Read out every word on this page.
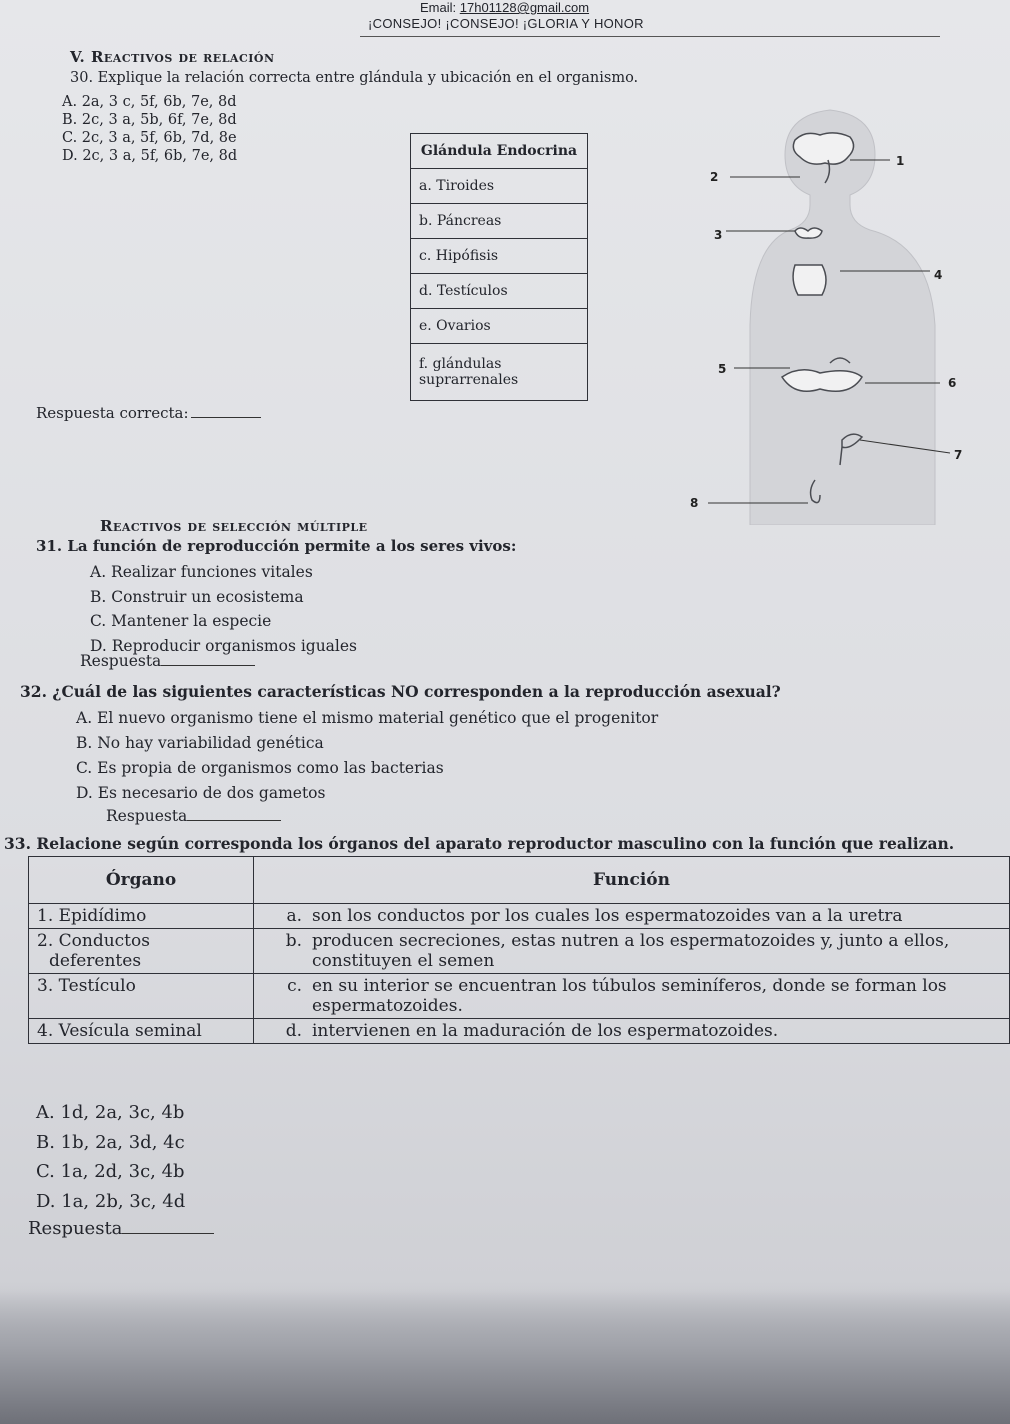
Email: 17h01128@gmail.com
¡CONSEJO! ¡CONSEJO! ¡GLORIA Y HONOR
V. Reactivos de relación
30. Explique la relación correcta entre glándula y ubicación en el organismo.
A. 2a, 3 c, 5f, 6b, 7e, 8d
B. 2c, 3 a, 5b, 6f, 7e, 8d
C. 2c, 3 a, 5f, 6b, 7d, 8e
D. 2c, 3 a, 5f, 6b, 7e, 8d	Glándula Endocrina
a. Tiroides
b. Páncreas
c. Hipófisis
d. Testículos
e. Ovarios
f. glándulas suprarrenales
Respuesta correcta:
1
2
3
4
5
6
7
8
Reactivos de selección múltiple
31. La función de reproducción permite a los seres vivos:
A. Realizar funciones vitales
B. Construir un ecosistema
C. Mantener la especie
D. Reproducir organismos iguales
Respuesta
32. ¿Cuál de las siguientes características NO corresponden a la reproducción asexual?
A. El nuevo organismo tiene el mismo material genético que el progenitor
B. No hay variabilidad genética
C. Es propia de organismos como las bacterias
D. Es necesario de dos gametos
Respuesta
33. Relacione según corresponda los órganos del aparato reproductor masculino con la función que realizan.
Órgano	Función
1. Epidídimo	a. son los conductos por los cuales los espermatozoides van a la uretra
2. Conductos deferentes	b. producen secreciones, estas nutren a los espermatozoides y, junto a ellos, constituyen el semen
3. Testículo	c. en su interior se encuentran los túbulos seminíferos, donde se forman los espermatozoides.
4. Vesícula seminal	d. intervienen en la maduración de los espermatozoides.
A. 1d, 2a, 3c, 4b
B. 1b, 2a, 3d, 4c
C. 1a, 2d, 3c, 4b
D. 1a, 2b, 3c, 4d
Respuesta
